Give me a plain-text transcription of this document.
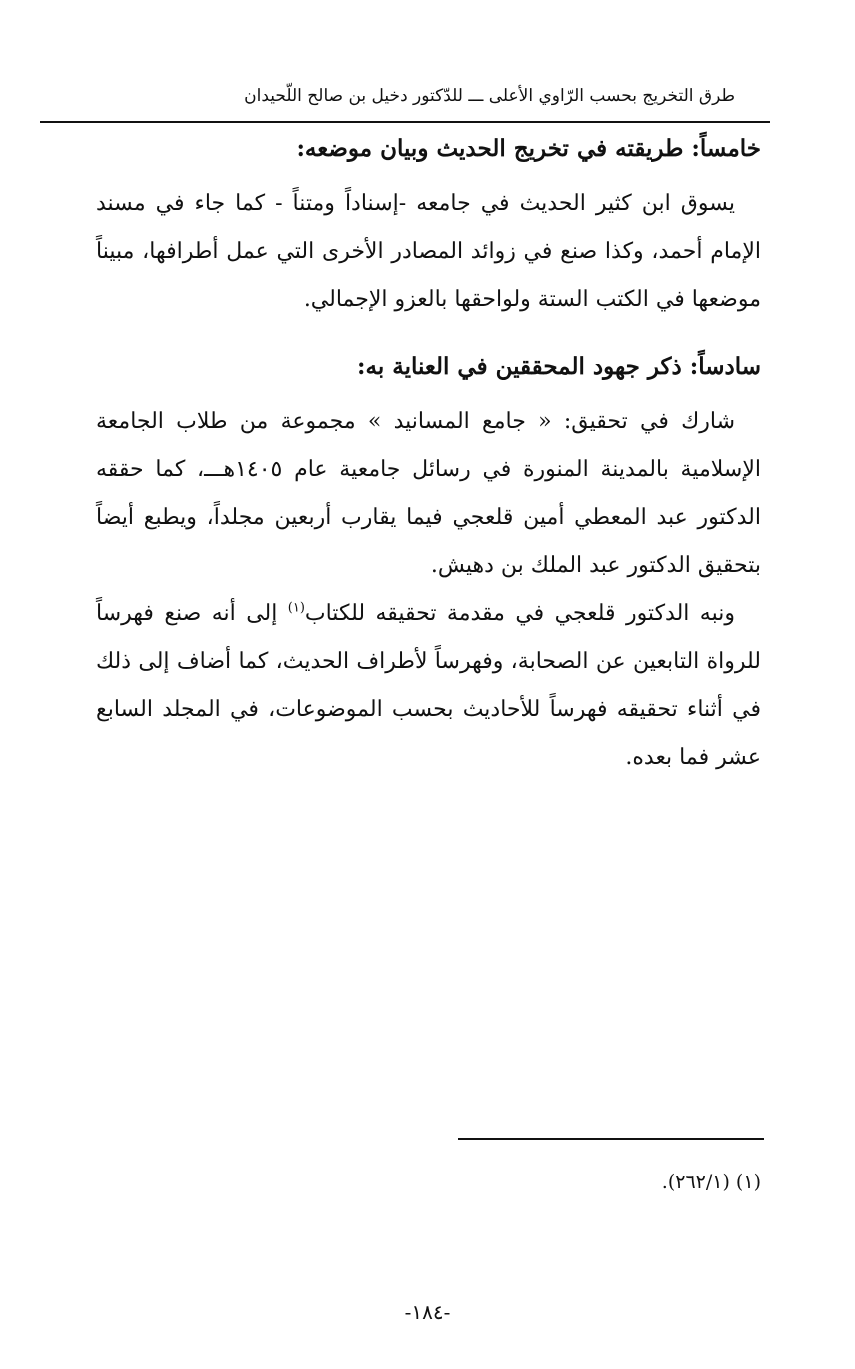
طرق التخريج بحسب الرّاوي الأعلى ـــ للدّكتور دخيل بن صالح اللّحيدان
خامساً: طريقته في تخريج الحديث وبيان موضعه:

يسوق ابن كثير الحديث في جامعه -إسناداً ومتناً - كما جاء في مسند الإمام أحمد، وكذا صنع في زوائد المصادر الأخرى التي عمل أطرافها، مبيناً موضعها في الكتب الستة ولواحقها بالعزو الإجمالي.

سادساً: ذكر جهود المحققين في العناية به:

شارك في تحقيق: « جامع المسانيد » مجموعة من طلاب الجامعة الإسلامية بالمدينة المنورة في رسائل جامعية عام ١٤٠٥هـــ، كما حققه الدكتور عبد المعطي أمين قلعجي فيما يقارب أربعين مجلداً، ويطبع أيضاً بتحقيق الدكتور عبد الملك بن دهيش.

ونبه الدكتور قلعجي في مقدمة تحقيقه للكتاب$^{(١)}$ إلى أنه صنع فهرساً للرواة التابعين عن الصحابة، وفهرساً لأطراف الحديث، كما أضاف إلى ذلك في أثناء تحقيقه فهرساً للأحاديث بحسب الموضوعات، في المجلد السابع عشر فما بعده.

(١) (٢٦٢/١).
-١٨٤-
